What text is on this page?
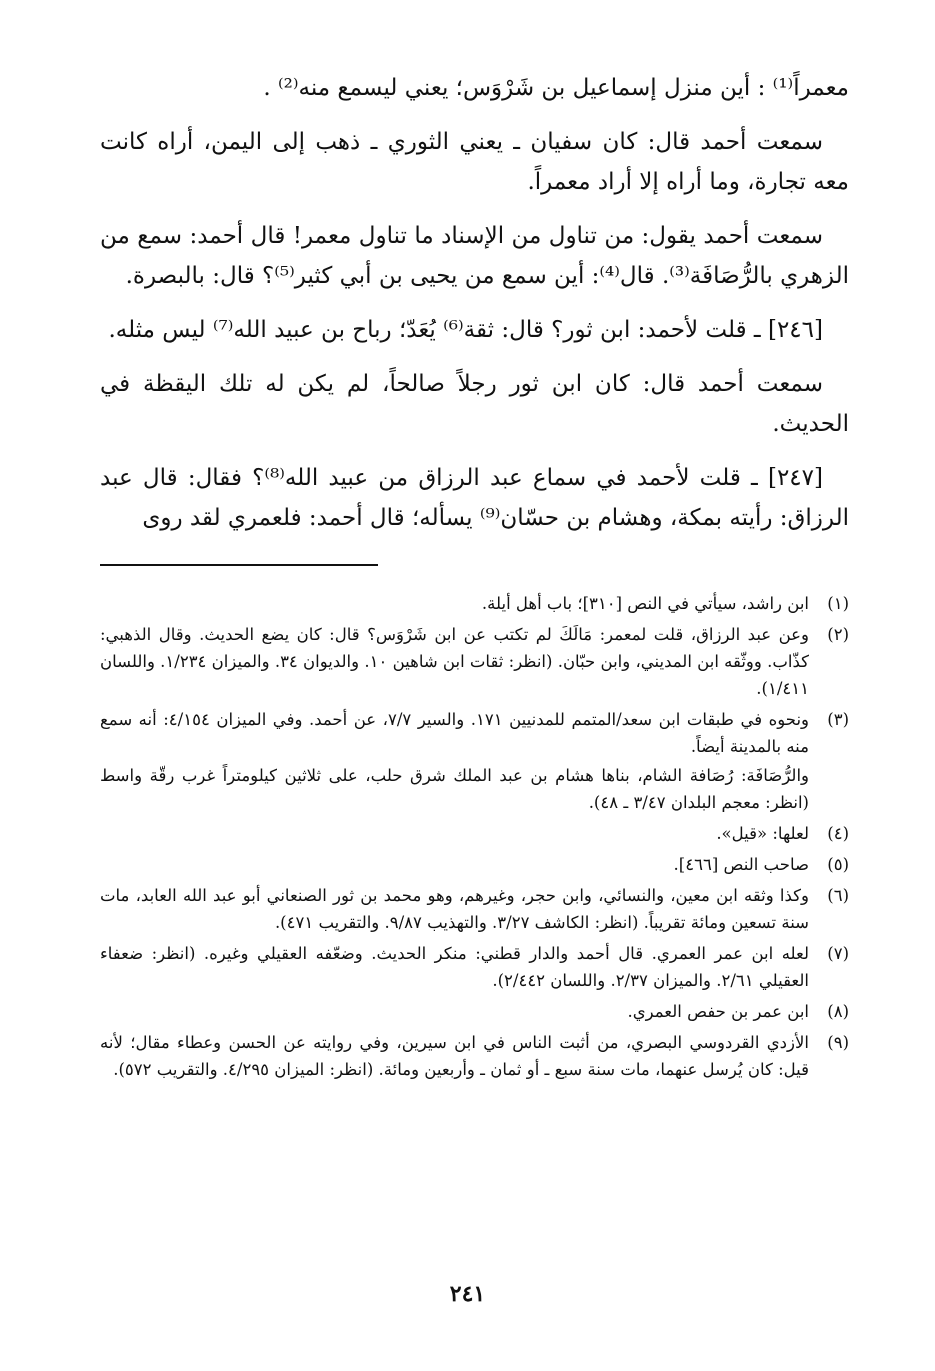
معمراً⁽¹⁾ : أين منزل إسماعيل بن شَرْوَس؛ يعني ليسمع منه⁽²⁾ .

سمعت أحمد قال: كان سفيان ـ يعني الثوري ـ ذهب إلى اليمن، أراه كانت معه تجارة، وما أراه إلا أراد معمراً.

سمعت أحمد يقول: من تناول من الإسناد ما تناول معمر! قال أحمد: سمع من الزهري بالرُّصَافَة⁽³⁾. قال⁽⁴⁾: أين سمع من يحيى بن أبي كثير⁽⁵⁾؟ قال: بالبصرة.

[٢٤٦] ـ قلت لأحمد: ابن ثور؟ قال: ثقة⁽⁶⁾ يُعَدّ؛ رباح بن عبيد الله⁽⁷⁾ ليس مثله.

سمعت أحمد قال: كان ابن ثور رجلاً صالحاً، لم يكن له تلك اليقظة في الحديث.

[٢٤٧] ـ قلت لأحمد في سماع عبد الرزاق من عبيد الله⁽⁸⁾؟ فقال: قال عبد الرزاق: رأيته بمكة، وهشام بن حسّان⁽⁹⁾ يسأله؛ قال أحمد: فلعمري لقد روى

(١)
ابن راشد، سيأتي في النص [٣١٠]؛ باب أهل أيلة.
(٢)
وعن عبد الرزاق، قلت لمعمر: مَالَكَ لم تكتب عن ابن شَرْوَس؟ قال: كان يضع الحديث. وقال الذهبي: كذّاب. ووثّقه ابن المديني، وابن حبّان. (انظر: ثقات ابن شاهين ١٠. والديوان ٣٤. والميزان ١/٢٣٤. واللسان ١/٤١١).
(٣)
ونحوه في طبقات ابن سعد/المتمم للمدنيين ١٧١. والسير ٧/٧، عن أحمد. وفي الميزان ٤/١٥٤: أنه سمع منه بالمدينة أيضاً.
والرُّصَافَة: رُصَافة الشام، بناها هشام بن عبد الملك شرق حلب، على ثلاثين كيلومتراً غرب رقّة واسط (انظر: معجم البلدان ٣/٤٧ ـ ٤٨).
(٤)
لعلها: «قيل».
(٥)
صاحب النص [٤٦٦].
(٦)
وكذا وثقه ابن معين، والنسائي، وابن حجر، وغيرهم، وهو محمد بن ثور الصنعاني أبو عبد الله العابد، مات سنة تسعين ومائة تقريباً. (انظر: الكاشف ٣/٢٧. والتهذيب ٩/٨٧. والتقريب ٤٧١).
(٧)
لعله ابن عمر العمري. قال أحمد والدار قطني: منكر الحديث. وضعّفه العقيلي وغيره. (انظر: ضعفاء العقيلي ٢/٦١. والميزان ٢/٣٧. واللسان ٢/٤٤٢).
(٨)
ابن عمر بن حفص العمري.
(٩)
الأزدي القردوسي البصري، من أثبت الناس في ابن سيرين، وفي روايته عن الحسن وعطاء مقال؛ لأنه قيل: كان يُرسل عنهما، مات سنة سبع ـ أو ثمان ـ وأربعين ومائة. (انظر: الميزان ٤/٢٩٥. والتقريب ٥٧٢).
٢٤١
